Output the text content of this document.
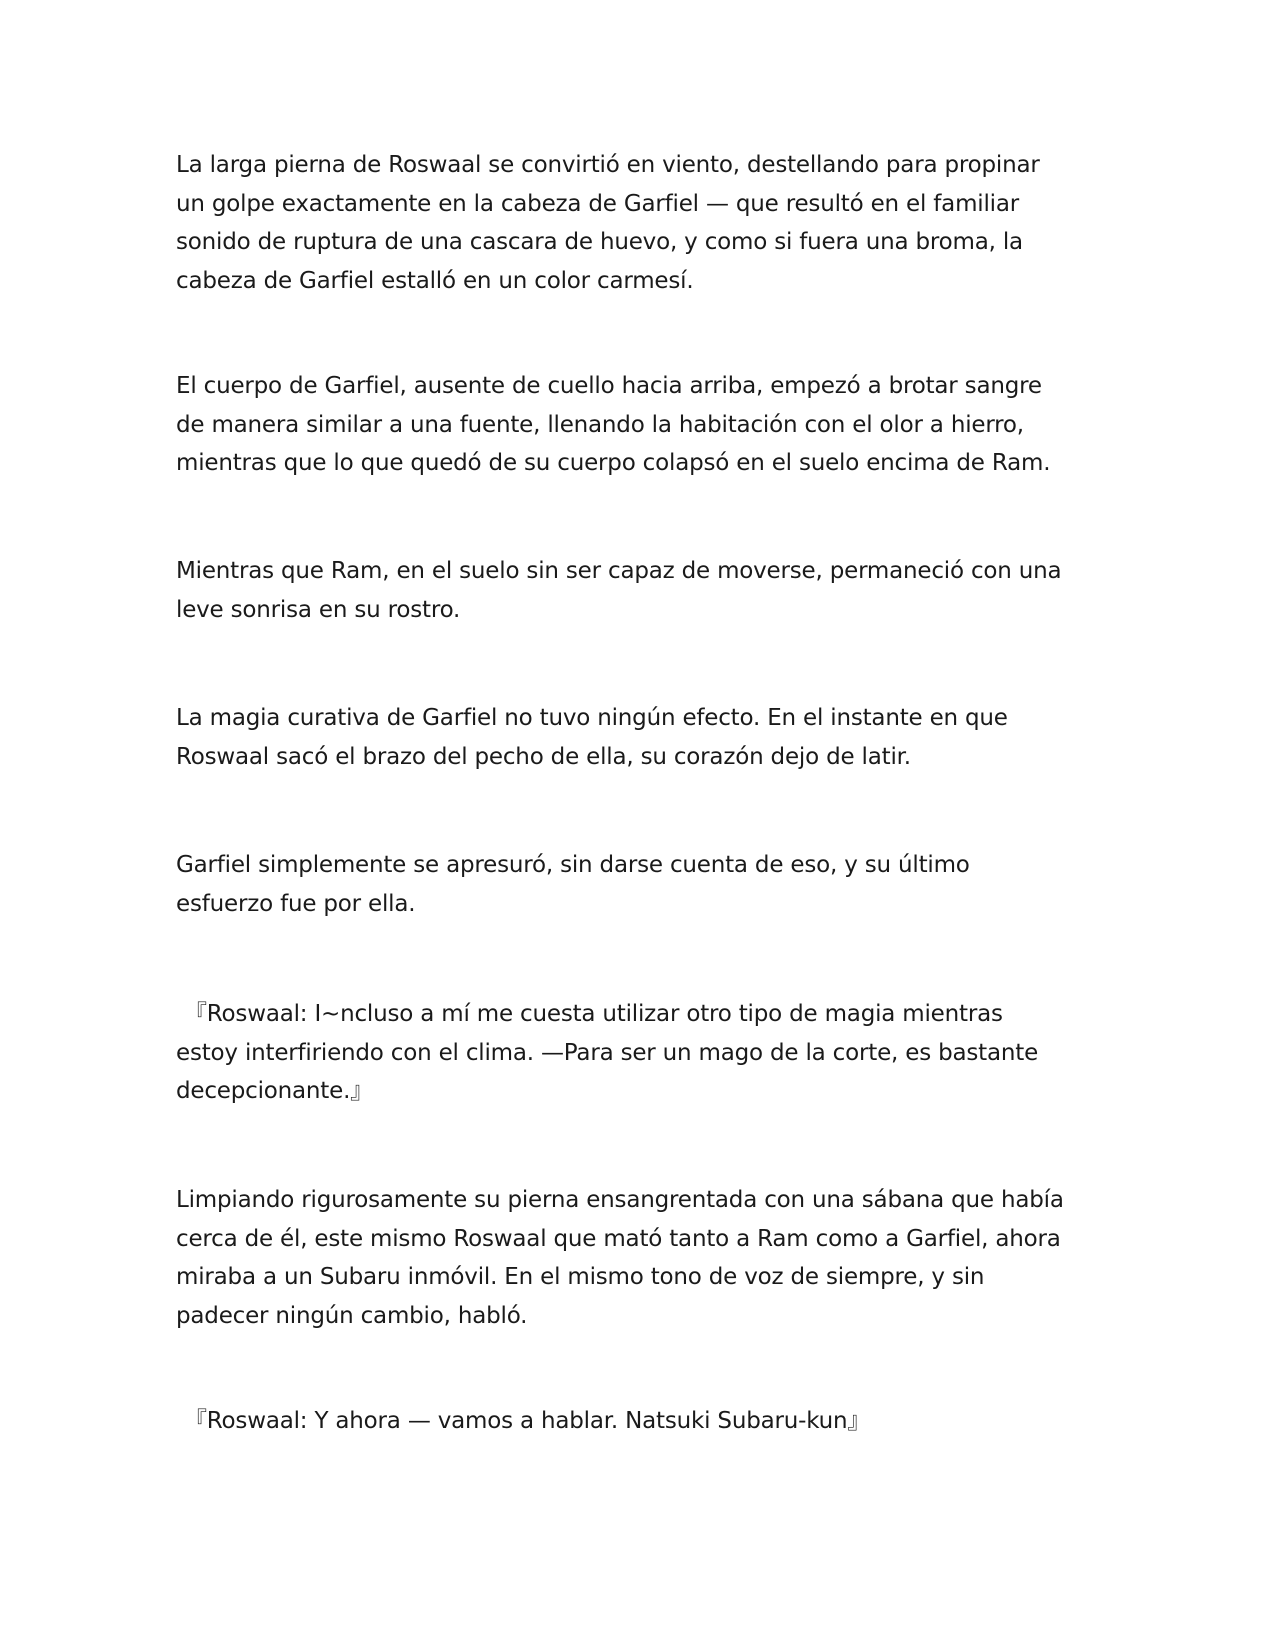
La larga pierna de Roswaal se convirtió en viento, destellando para propinar
un golpe exactamente en la cabeza de Garfiel — que resultó en el familiar
sonido de ruptura de una cascara de huevo, y como si fuera una broma, la
cabeza de Garfiel estalló en un color carmesí.

El cuerpo de Garfiel, ausente de cuello hacia arriba, empezó a brotar sangre
de manera similar a una fuente, llenando la habitación con el olor a hierro,
mientras que lo que quedó de su cuerpo colapsó en el suelo encima de Ram.

Mientras que Ram, en el suelo sin ser capaz de moverse, permaneció con una
leve sonrisa en su rostro.

La magia curativa de Garfiel no tuvo ningún efecto. En el instante en que
Roswaal sacó el brazo del pecho de ella, su corazón dejo de latir.

Garfiel simplemente se apresuró, sin darse cuenta de eso, y su último
esfuerzo fue por ella.

『Roswaal: I~ncluso a mí me cuesta utilizar otro tipo de magia mientras
estoy interfiriendo con el clima. —Para ser un mago de la corte, es bastante
decepcionante.』

Limpiando rigurosamente su pierna ensangrentada con una sábana que había
cerca de él, este mismo Roswaal que mató tanto a Ram como a Garfiel, ahora
miraba a un Subaru inmóvil. En el mismo tono de voz de siempre, y sin
padecer ningún cambio, habló.

『Roswaal: Y ahora — vamos a hablar. Natsuki Subaru-kun』
